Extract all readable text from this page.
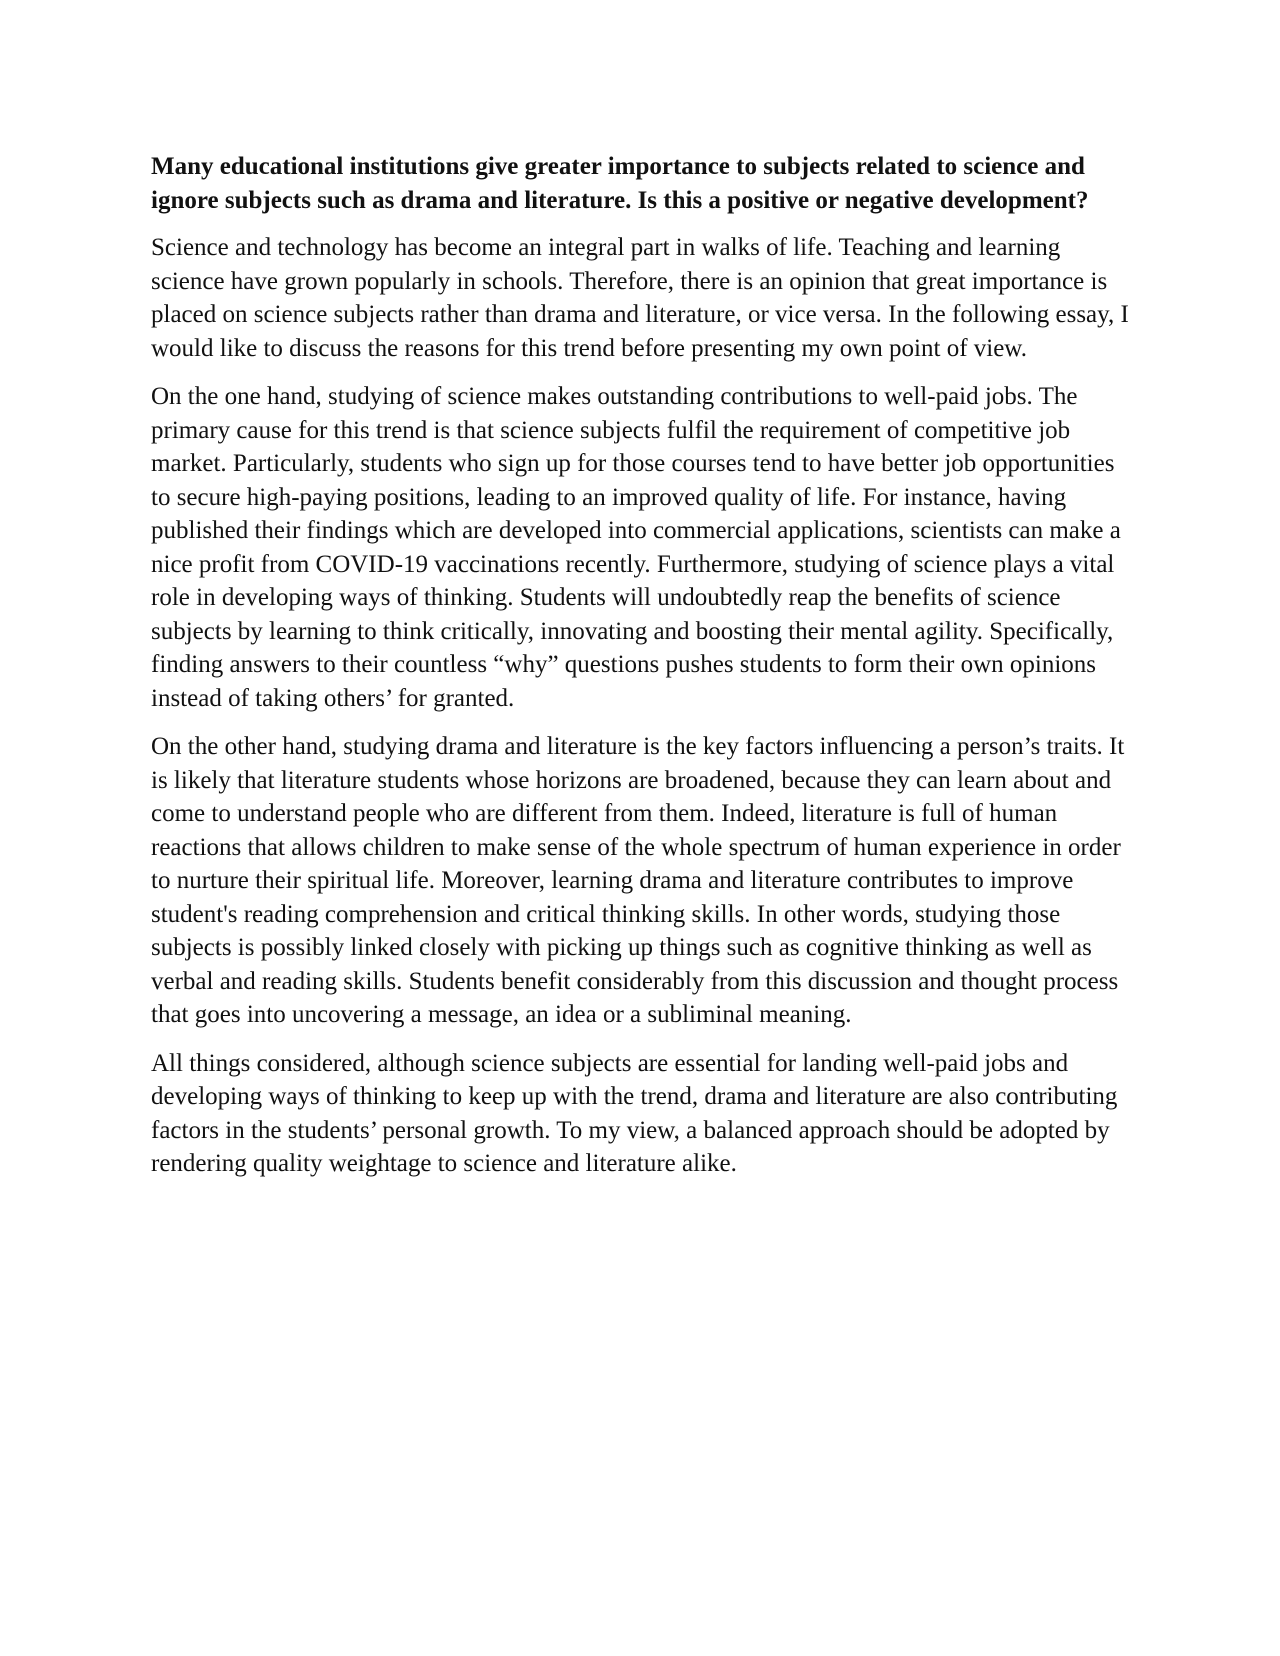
Many educational institutions give greater importance to subjects related to science and ignore subjects such as drama and literature. Is this a positive or negative development?

Science and technology has become an integral part in walks of life. Teaching and learning science have grown popularly in schools. Therefore, there is an opinion that great importance is placed on science subjects rather than drama and literature, or vice versa. In the following essay, I would like to discuss the reasons for this trend before presenting my own point of view.

On the one hand, studying of science makes outstanding contributions to well-paid jobs. The primary cause for this trend is that science subjects fulfil the requirement of competitive job market. Particularly, students who sign up for those courses tend to have better job opportunities to secure high-paying positions, leading to an improved quality of life. For instance, having published their findings which are developed into commercial applications, scientists can make a nice profit from COVID-19 vaccinations recently. Furthermore, studying of science plays a vital role in developing ways of thinking. Students will undoubtedly reap the benefits of science subjects by learning to think critically, innovating and boosting their mental agility. Specifically, finding answers to their countless “why” questions pushes students to form their own opinions instead of taking others’ for granted.

On the other hand, studying drama and literature is the key factors influencing a person’s traits. It is likely that literature students whose horizons are broadened, because they can learn about and come to understand people who are different from them. Indeed, literature is full of human reactions that allows children to make sense of the whole spectrum of human experience in order to nurture their spiritual life. Moreover, learning drama and literature contributes to improve student's reading comprehension and critical thinking skills. In other words, studying those subjects is possibly linked closely with picking up things such as cognitive thinking as well as verbal and reading skills. Students benefit considerably from this discussion and thought process that goes into uncovering a message, an idea or a subliminal meaning.

All things considered, although science subjects are essential for landing well-paid jobs and developing ways of thinking to keep up with the trend, drama and literature are also contributing factors in the students’ personal growth. To my view, a balanced approach should be adopted by rendering quality weightage to science and literature alike.
